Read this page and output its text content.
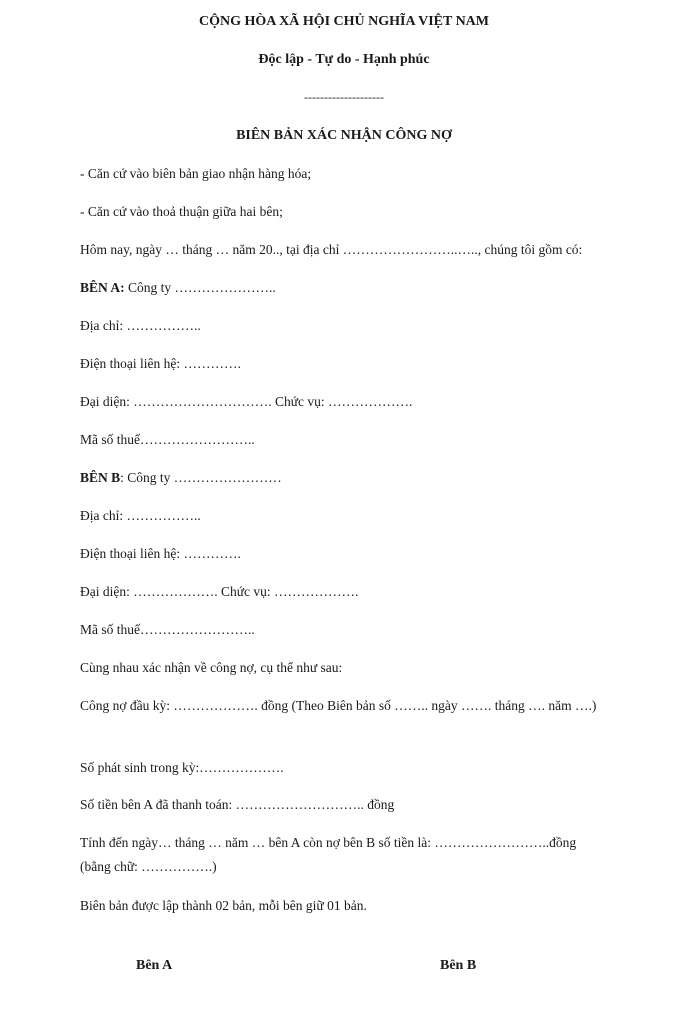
CỘNG HÒA XÃ HỘI CHỦ NGHĨA VIỆT NAM
Độc lập - Tự do - Hạnh phúc
--------------------
BIÊN BẢN XÁC NHẬN CÔNG NỢ
- Căn cứ vào biên bản giao nhận hàng hóa;
- Căn cứ vào thoả thuận giữa hai bên;
Hôm nay, ngày … tháng … năm 20.., tại địa chỉ ……………………..….., chúng tôi gồm có:
BÊN A: Công ty …………………..
Địa chỉ: ……………..
Điện thoại liên hệ: ………….
Đại diện: …………………………. Chức vụ: ……………….
Mã số thuế……………………..
BÊN B: Công ty ……………………
Địa chỉ: ……………..
Điện thoại liên hệ: ………….
Đại diện: ………………. Chức vụ: ……………….
Mã số thuế……………………..
Cùng nhau xác nhận về công nợ, cụ thể như sau:
Công nợ đầu kỳ: ………………. đồng (Theo Biên bản số …….. ngày ……. tháng …. năm ….)
Số phát sinh trong kỳ:……………….
Số tiền bên A đã thanh toán: ……………………….. đồng
Tính đến ngày… tháng … năm … bên A còn nợ bên B số tiền là: ……………………..đồng (bằng chữ: …………….)
Biên bản được lập thành 02 bản, mỗi bên giữ 01 bản.
Bên A	Bên B
